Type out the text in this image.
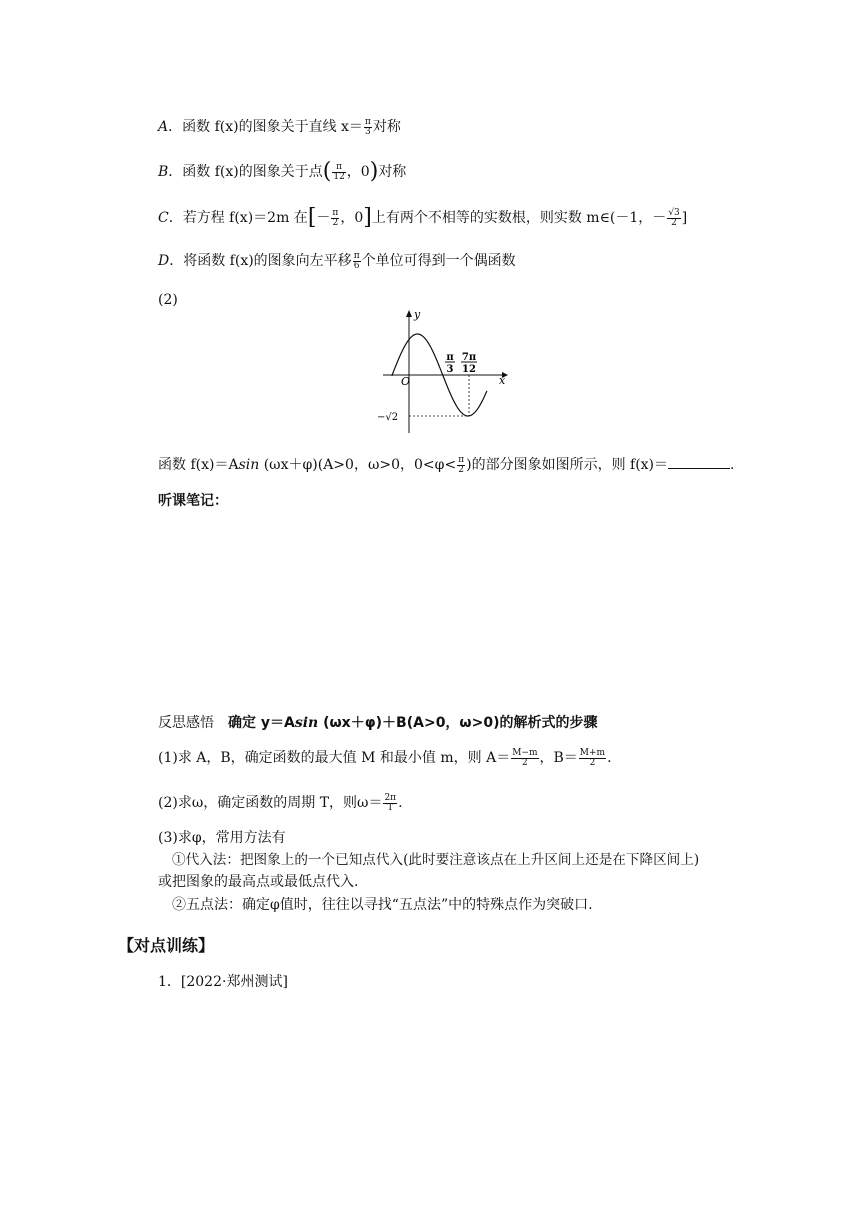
A．函数 f(x)的图象关于直线 $x= \frac{\pi}{3}$ 对称
B．函数 f(x)的图象关于点( $\frac{\pi}{12}$ ，0)对称
C．若方程 f(x)＝2m 在[－ $\frac{\pi}{2}$ ，0]上有两个不相等的实数根，则实数 m∈(－1，－ $\frac{√3}{2}$ ]
D．将函数 f(x)的图象向左平移 $\frac{\pi}{6}$ 个单位可得到一个偶函数
(2)
y
x
O
π
3
7π
12
−√2
函数 f(x)＝Asin (ωx＋φ)(A>0，ω>0，$0<\varphi< \frac{\pi}{2}$ )的部分图象如图所示，则 f(x)＝	.
听课笔记：
反思感悟 确定 y＝Asin (ωx＋φ)＋B(A>0，ω>0)的解析式的步骤
(1)求 A，B，确定函数的最大值 M 和最小值 m，则 $A= \frac{M-m}{2}$ ，$B= \frac{M+m}{2}$ .
(2)求ω，确定函数的周期 T，则$\omega= \frac{2\pi}{T}$ .
(3)求φ，常用方法有
①代入法：把图象上的一个已知点代入(此时要注意该点在上升区间上还是在下降区间上)
或把图象的最高点或最低点代入.
②五点法：确定φ值时，往往以寻找“五点法”中的特殊点作为突破口.
【对点训练】
1．[2022·郑州测试]
